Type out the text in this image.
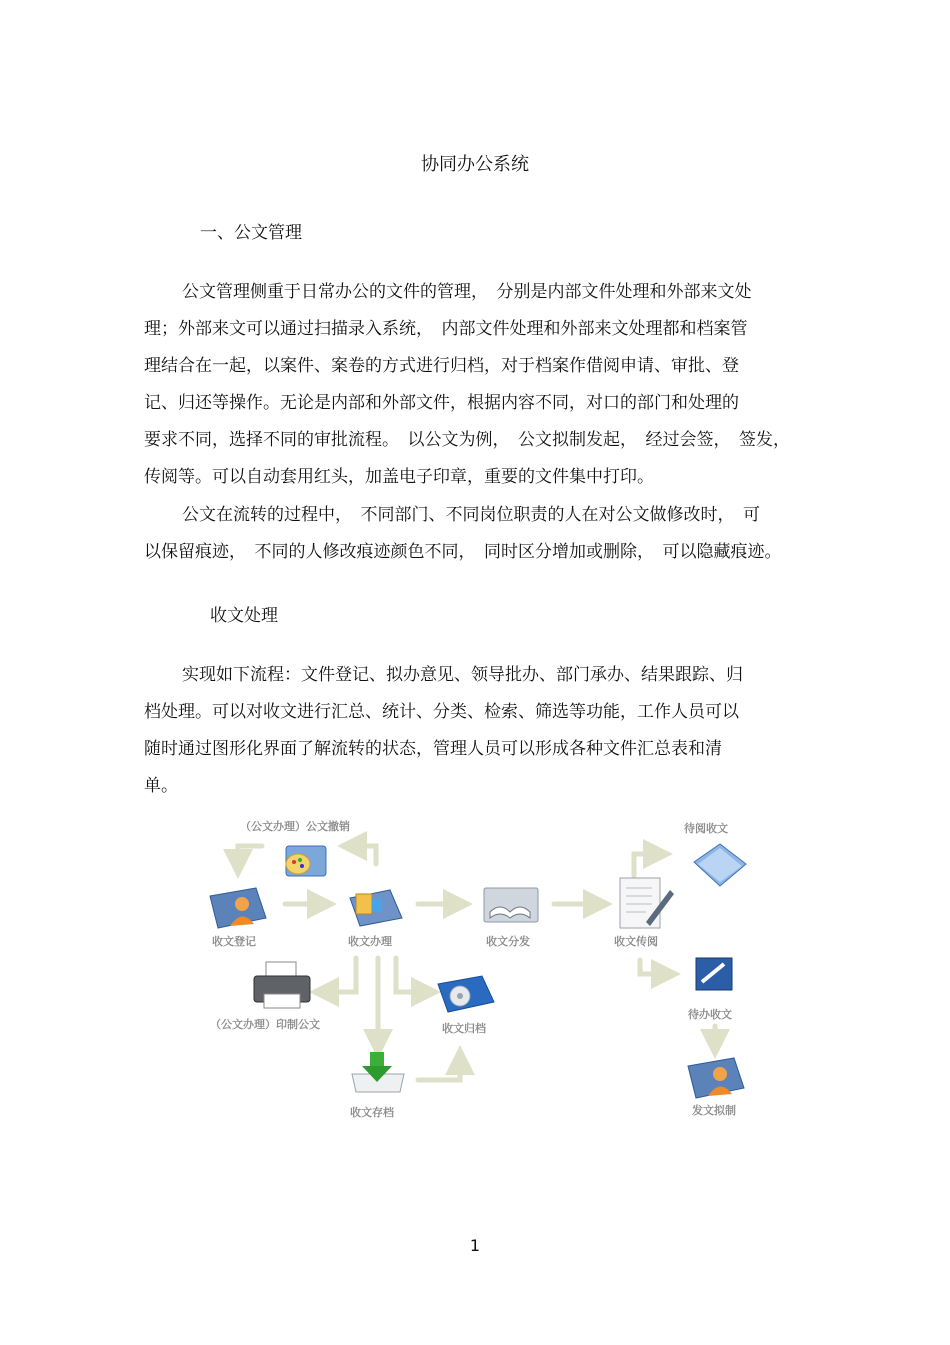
协同办公系统
一、公文管理
公文管理侧重于日常办公的文件的管理，　分别是内部文件处理和外部来文处
理；外部来文可以通过扫描录入系统，　内部文件处理和外部来文处理都和档案管
理结合在一起，以案件、案卷的方式进行归档，对于档案作借阅申请、审批、登
记、归还等操作。无论是内部和外部文件，根据内容不同，对口的部门和处理的
要求不同，选择不同的审批流程。　以公文为例，　公文拟制发起，　经过会签，　签发，
传阅等。可以自动套用红头，加盖电子印章，重要的文件集中打印。
公文在流转的过程中，　不同部门、不同岗位职责的人在对公文做修改时，　可
以保留痕迹，　不同的人修改痕迹颜色不同，　同时区分增加或删除，　可以隐藏痕迹。
收文处理
实现如下流程：文件登记、拟办意见、领导批办、部门承办、结果跟踪、归
档处理。可以对收文进行汇总、统计、分类、检索、筛选等功能，工作人员可以
随时通过图形化界面了解流转的状态，管理人员可以形成各种文件汇总表和清
单。
（公文办理）公文撤销
收文登记	收文办理	收文分发	收文传阅
待阅收文
待办收文
发文拟制
（公文办理）印制公文	收文归档
收文存档
1
